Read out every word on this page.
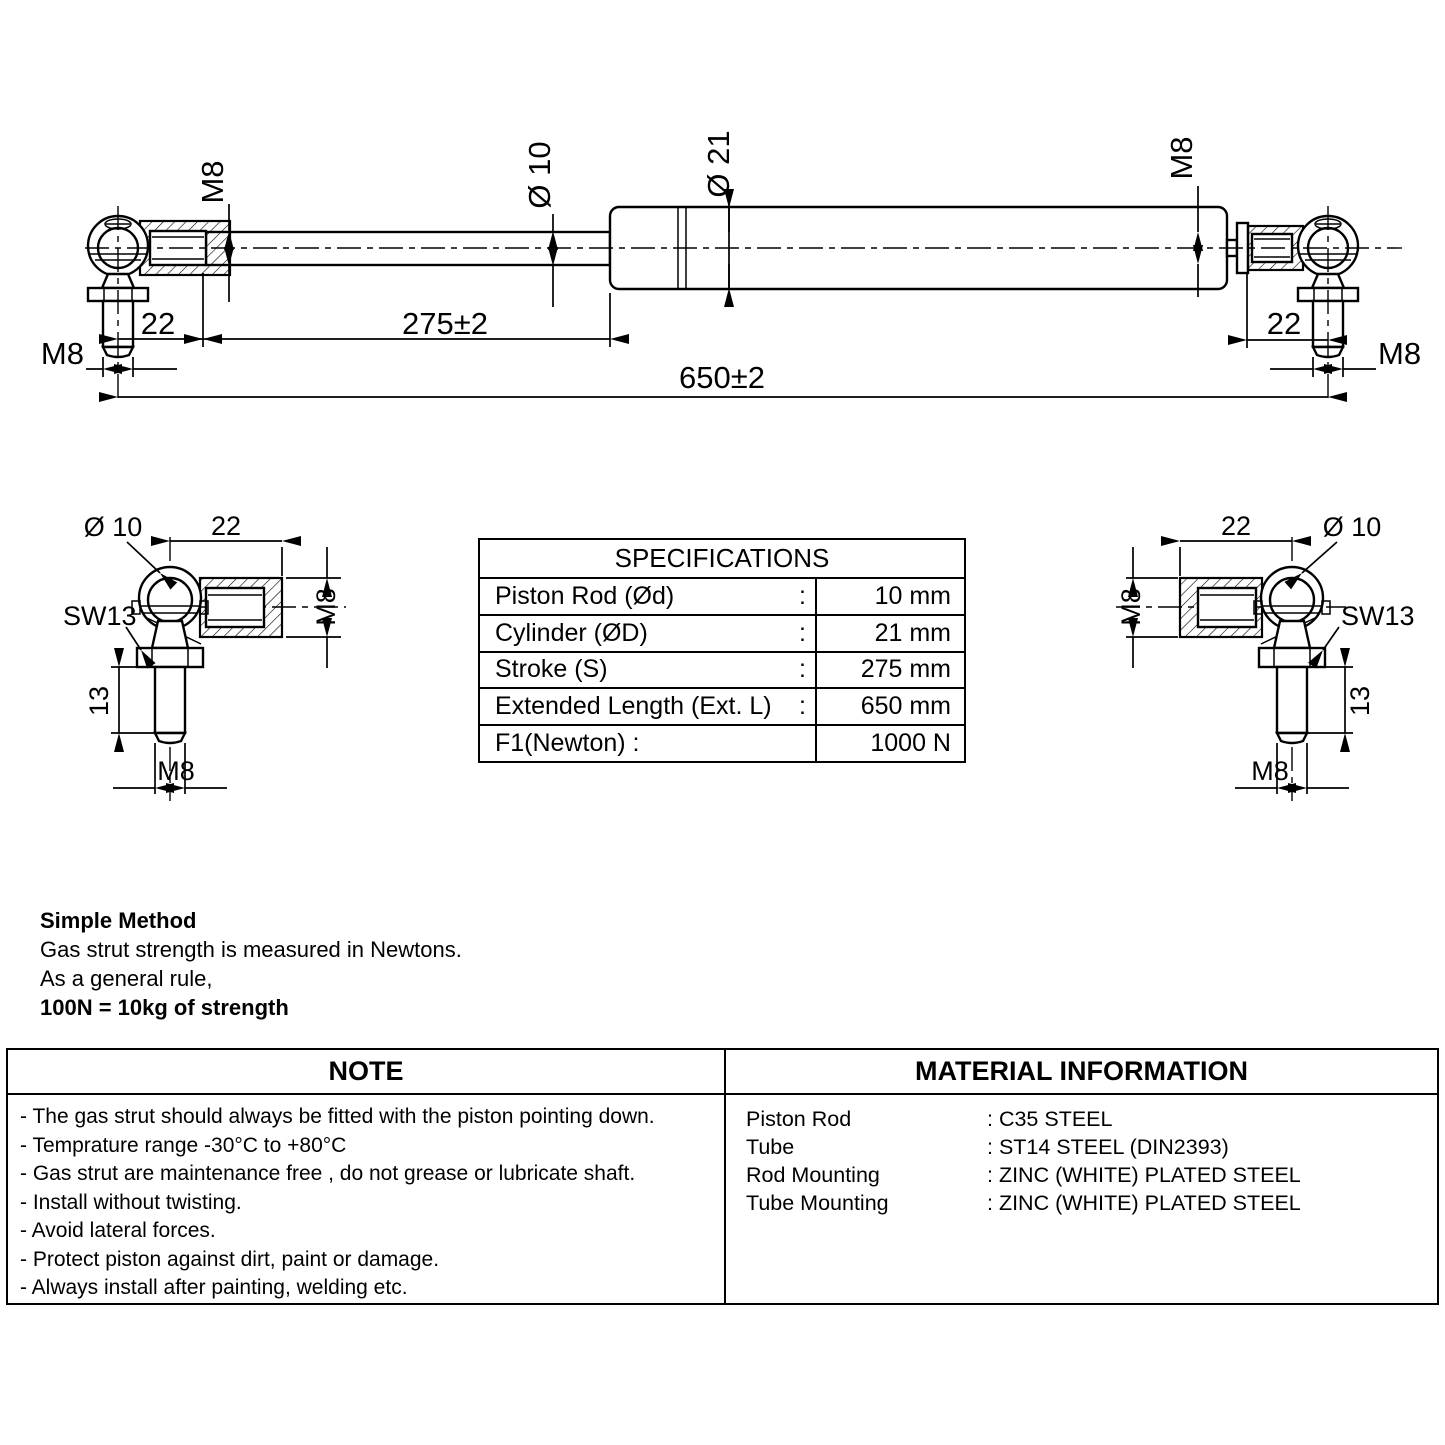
M8	Ø 10	Ø 21	M8
22	275±2
650±2
22
M8	M8
Ø 10	22
M8
SW13
13
M8
22	Ø 10
M8	SW13
13
M8
SPECIFICATIONS
Piston Rod (Ød)	:	10 mm
Cylinder (ØD)	:	21 mm
Stroke (S)	:	275 mm
Extended Length (Ext. L) :	650 mm
F1(Newton) :	1000 N
Simple Method
Gas strut strength is measured in Newtons.
As a general rule,
100N = 10kg of strength
NOTE
- The gas strut should always be fitted with the piston pointing down.
- Temprature range -30°C to +80°C
- Gas strut are maintenance free , do not grease or lubricate shaft.
- Install without twisting.
- Avoid lateral forces.
- Protect piston against dirt, paint or damage.
- Always install after painting, welding etc.
MATERIAL INFORMATION
Piston Rod	: C35 STEEL
Tube	: ST14 STEEL (DIN2393)
Rod Mounting	: ZINC (WHITE) PLATED STEEL
Tube Mounting	: ZINC (WHITE) PLATED STEEL
